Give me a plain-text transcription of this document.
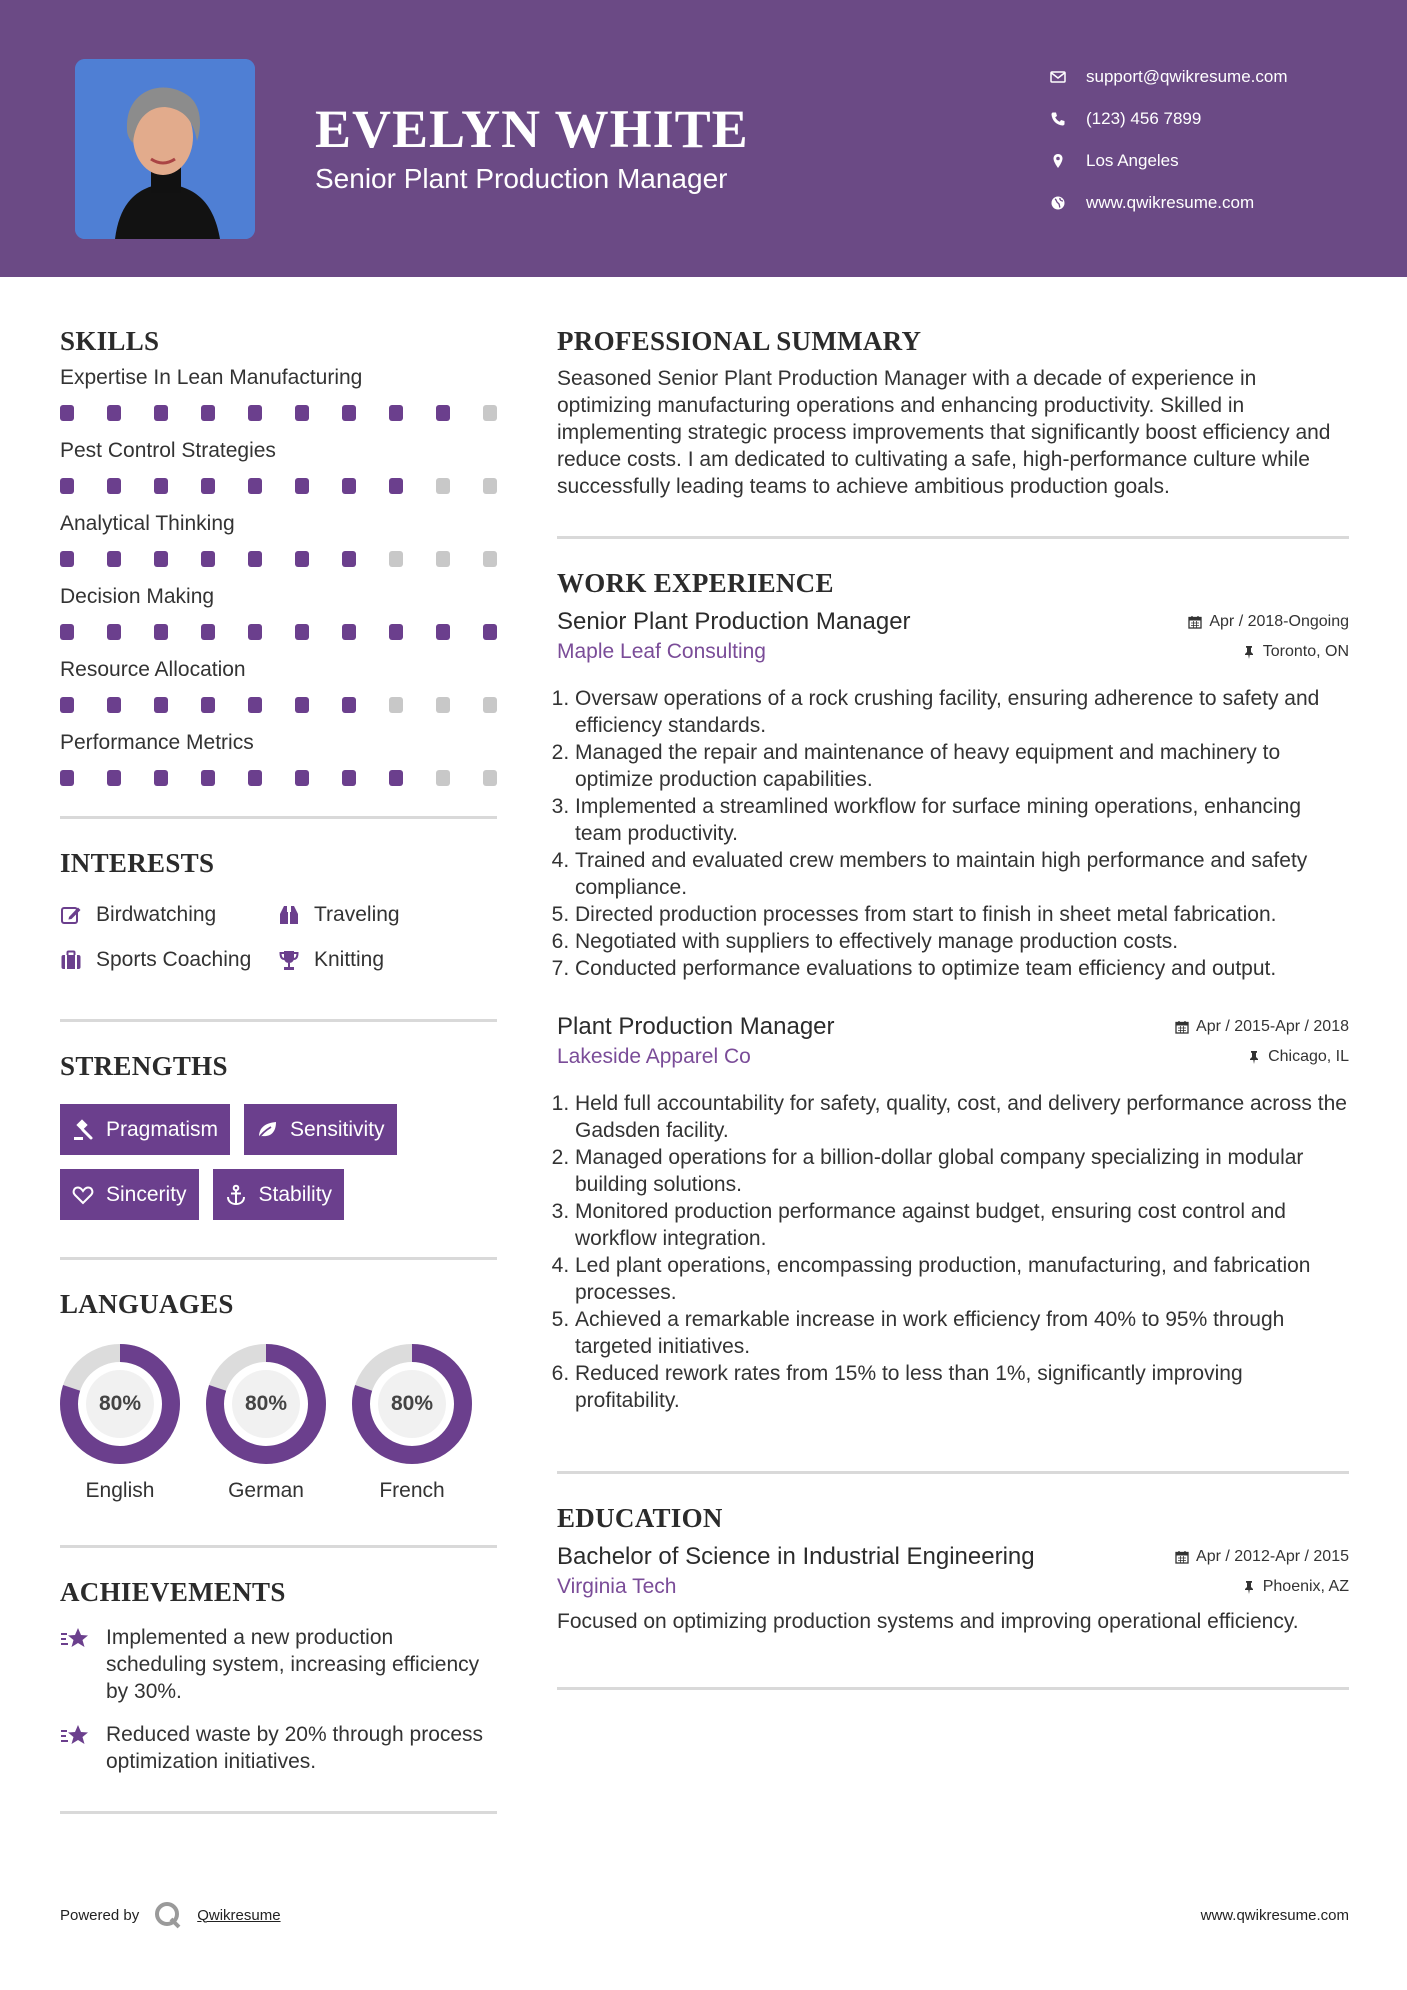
EVELYN WHITE
Senior Plant Production Manager
support@qwikresume.com
(123) 456 7899
Los Angeles
www.qwikresume.com
SKILLS
Expertise In Lean Manufacturing
Pest Control Strategies
Analytical Thinking
Decision Making
Resource Allocation
Performance Metrics
INTERESTS
Birdwatching	Traveling
Sports Coaching	Knitting
STRENGTHS
Pragmatism	Sensitivity
Sincerity	Stability
LANGUAGES
80%
English
80%
German
80%
French
ACHIEVEMENTS
Implemented a new production scheduling system, increasing efficiency by 30%.
Reduced waste by 20% through process optimization initiatives.
PROFESSIONAL SUMMARY
Seasoned Senior Plant Production Manager with a decade of experience in optimizing manufacturing operations and enhancing productivity. Skilled in implementing strategic process improvements that significantly boost efficiency and reduce costs. I am dedicated to cultivating a safe, high-performance culture while successfully leading teams to achieve ambitious production goals.
WORK EXPERIENCE
Senior Plant Production Manager	Apr / 2018-Ongoing
Maple Leaf Consulting	Toronto, ON
1. Oversaw operations of a rock crushing facility, ensuring adherence to safety and efficiency standards.
2. Managed the repair and maintenance of heavy equipment and machinery to optimize production capabilities.
3. Implemented a streamlined workflow for surface mining operations, enhancing team productivity.
4. Trained and evaluated crew members to maintain high performance and safety compliance.
5. Directed production processes from start to finish in sheet metal fabrication.
6. Negotiated with suppliers to effectively manage production costs.
7. Conducted performance evaluations to optimize team efficiency and output.
Plant Production Manager	Apr / 2015-Apr / 2018
Lakeside Apparel Co	Chicago, IL
1. Held full accountability for safety, quality, cost, and delivery performance across the Gadsden facility.
2. Managed operations for a billion-dollar global company specializing in modular building solutions.
3. Monitored production performance against budget, ensuring cost control and workflow integration.
4. Led plant operations, encompassing production, manufacturing, and fabrication processes.
5. Achieved a remarkable increase in work efficiency from 40% to 95% through targeted initiatives.
6. Reduced rework rates from 15% to less than 1%, significantly improving profitability.
EDUCATION
Bachelor of Science in Industrial Engineering	Apr / 2012-Apr / 2015
Virginia Tech	Phoenix, AZ
Focused on optimizing production systems and improving operational efficiency.
Powered by	Qwikresume	www.qwikresume.com
